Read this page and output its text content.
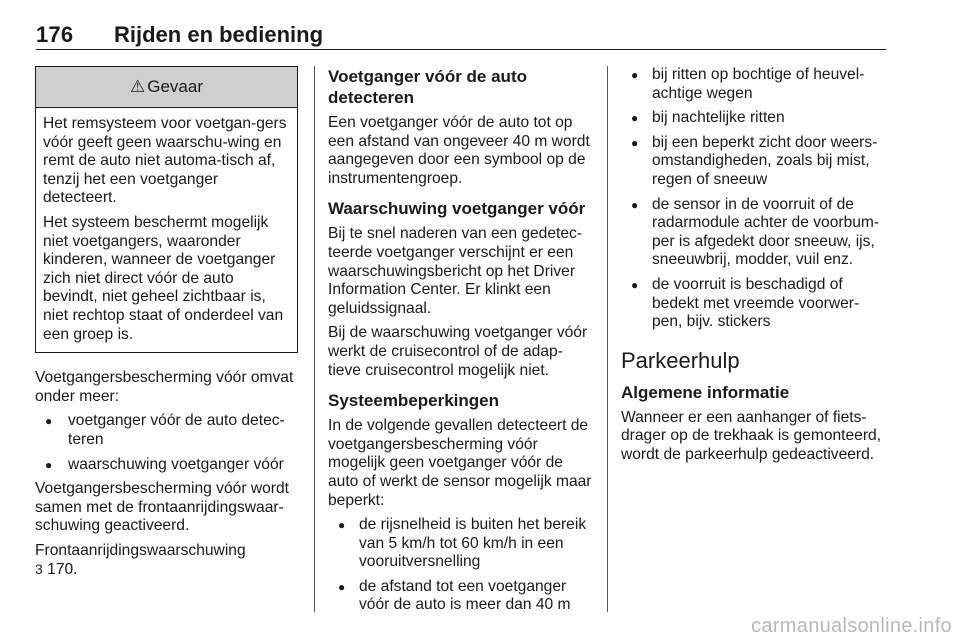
176 Rijden en bediening
⚠ Gevaar

Het remsysteem voor voetgan-gers vóór geeft geen waarschu-wing en remt de auto niet automa-tisch af, tenzij het een voetganger detecteert.

Het systeem beschermt mogelijk niet voetgangers, waaronder kinderen, wanneer de voetganger zich niet direct vóór de auto bevindt, niet geheel zichtbaar is, niet rechtop staat of onderdeel van een groep is.

Voetgangersbescherming vóór omvat onder meer:

● voetganger vóór de auto detec-teren
● waarschuwing voetganger vóór

Voetgangersbescherming vóór wordt samen met de frontaanrijdingswaar-schuwing geactiveerd.

Frontaanrijdingswaarschuwing
3 170.

Voetganger vóór de auto detecteren

Een voetganger vóór de auto tot op een afstand van ongeveer 40 m wordt aangegeven door een symbool op de instrumentengroep.

Waarschuwing voetganger vóór

Bij te snel naderen van een gedetec-teerde voetganger verschijnt er een waarschuwingsbericht op het Driver Information Center. Er klinkt een geluidssignaal.

Bij de waarschuwing voetganger vóór werkt de cruisecontrol of de adap-tieve cruisecontrol mogelijk niet.

Systeembeperkingen

In de volgende gevallen detecteert de voetgangersbescherming vóór mogelijk geen voetganger vóór de auto of werkt de sensor mogelijk maar beperkt:

● de rijsnelheid is buiten het bereik van 5 km/h tot 60 km/h in een vooruitversnelling
● de afstand tot een voetganger vóór de auto is meer dan 40 m
● bij ritten op bochtige of heuvel-achtige wegen
● bij nachtelijke ritten
● bij een beperkt zicht door weers-omstandigheden, zoals bij mist, regen of sneeuw
● de sensor in de voorruit of de radarmodule achter de voorbum-per is afgedekt door sneeuw, ijs, sneeuwbrij, modder, vuil enz.
● de voorruit is beschadigd of bedekt met vreemde voorwer-pen, bijv. stickers
Parkeerhulp
Algemene informatie

Wanneer er een aanhanger of fiets-drager op de trekhaak is gemonteerd, wordt de parkeerhulp gedeactiveerd.

carmanualsonline.info
